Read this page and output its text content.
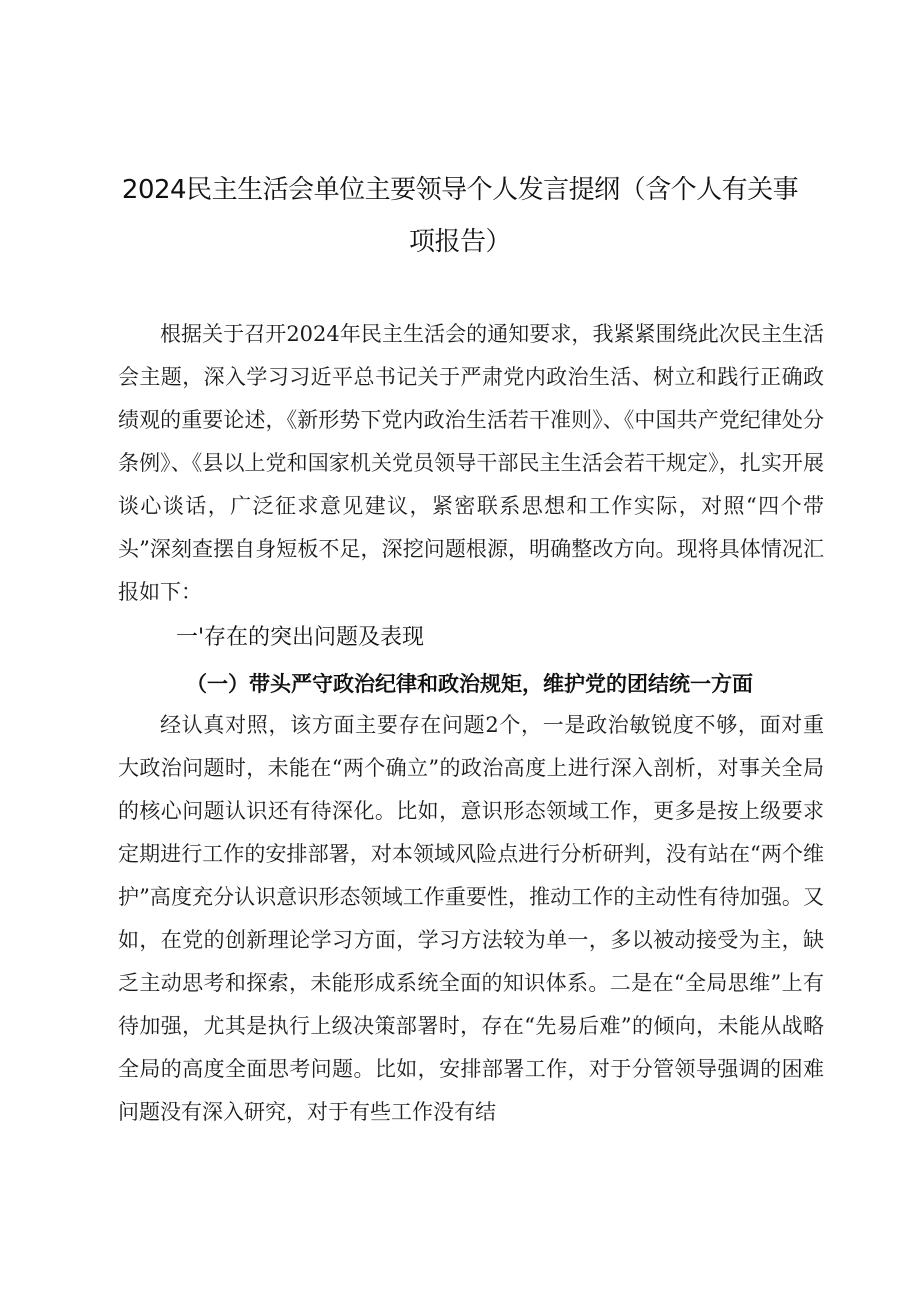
2024民主生活会单位主要领导个人发言提纲（含个人有关事
项报告）

根据关于召开2024年民主生活会的通知要求，我紧紧围绕此次民主生活会主题，深入学习习近平总书记关于严肃党内政治生活、树立和践行正确政绩观的重要论述，《新形势下党内政治生活若干准则》、《中国共产党纪律处分条例》、《县以上党和国家机关党员领导干部民主生活会若干规定》，扎实开展谈心谈话，广泛征求意见建议，紧密联系思想和工作实际，对照“四个带头”深刻查摆自身短板不足，深挖问题根源，明确整改方向。现将具体情况汇报如下：

一'存在的突出问题及表现
（一）带头严守政治纪律和政治规矩，维护党的团结统一方面

经认真对照，该方面主要存在问题2个，一是政治敏锐度不够，面对重大政治问题时，未能在“两个确立”的政治高度上进行深入剖析，对事关全局的核心问题认识还有待深化。比如，意识形态领域工作，更多是按上级要求定期进行工作的安排部署，对本领域风险点进行分析研判，没有站在“两个维护”高度充分认识意识形态领域工作重要性，推动工作的主动性有待加强。又如，在党的创新理论学习方面，学习方法较为单一，多以被动接受为主，缺乏主动思考和探索，未能形成系统全面的知识体系。二是在“全局思维”上有待加强，尤其是执行上级决策部署时，存在“先易后难”的倾向，未能从战略全局的高度全面思考问题。比如，安排部署工作，对于分管领导强调的困难问题没有深入研究，对于有些工作没有结
